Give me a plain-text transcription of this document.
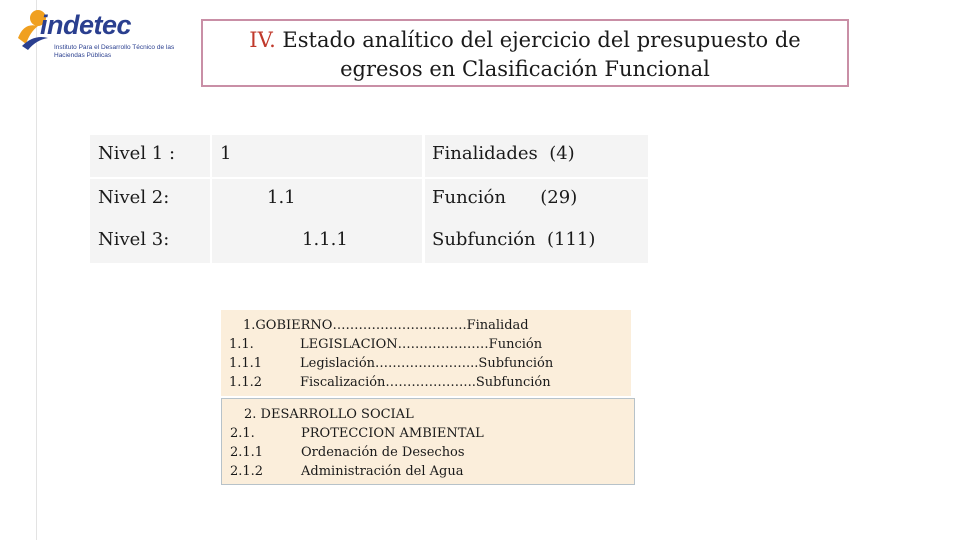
indetec
Instituto Para el Desarrollo Técnico de las Haciendas Públicas
IV. Estado analítico del ejercicio del presupuesto de
egresos en Clasificación Funcional
Nivel 1 :	1	Finalidades  (4)
Nivel 2:	1.1	Función      (29)
Nivel 3:	1.1.1	Subfunción  (111)
1.GOBIERNO………………………….Finalidad
1.1.	LEGISLACION…………………Función
1.1.1	Legislación…………………...Subfunción
1.1.2	Fiscalización………………...Subfunción
2. DESARROLLO SOCIAL
2.1.	PROTECCION AMBIENTAL
2.1.1	Ordenación de Desechos
2.1.2	Administración del Agua
